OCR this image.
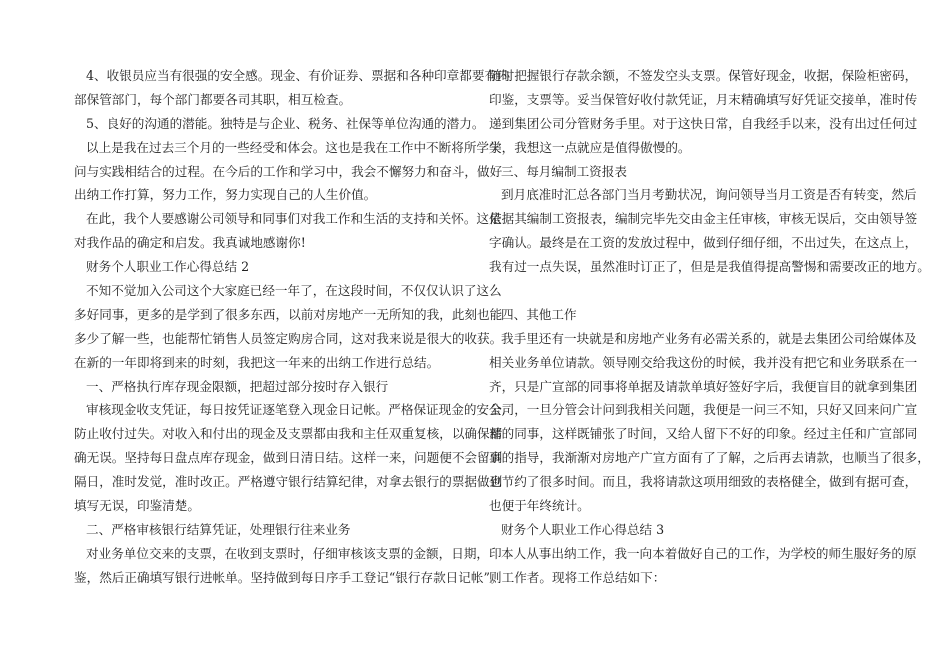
4、收银员应当有很强的安全感。现金、有价证券、票据和各种印章都要有内
部保管部门，每个部门都要各司其职，相互检查。
5、良好的沟通的潜能。独特是与企业、税务、社保等单位沟通的潜力。
以上是我在过去三个月的一些经受和体会。这也是我在工作中不断将所学学
问与实践相结合的过程。在今后的工作和学习中，我会不懈努力和奋斗，做好
出纳工作打算，努力工作，努力实现自己的人生价值。
在此，我个人要感谢公司领导和同事们对我工作和生活的支持和关怀。这是
对我作品的确定和启发。我真诚地感谢你!
财务个人职业工作心得总结 2
不知不觉加入公司这个大家庭已经一年了，在这段时间，不仅仅认识了这么
多好同事，更多的是学到了很多东西，以前对房地产一无所知的我，此刻也能
多少了解一些，也能帮忙销售人员签定购房合同，这对我来说是很大的收获。
在新的一年即将到来的时刻，我把这一年来的出纳工作进行总结。
一、严格执行库存现金限额，把超过部分按时存入银行
审核现金收支凭证，每日按凭证逐笔登入现金日记帐。严格保证现金的安全,
防止收付过失。对收入和付出的现金及支票都由我和主任双重复核，以确保精
确无误。坚持每日盘点库存现金，做到日清日结。这样一来，问题便不会留到
隔日，准时发觉，准时改正。严格遵守银行结算纪律，对拿去银行的票据做到
填写无误，印鉴清楚。
二、严格审核银行结算凭证，处理银行往来业务
对业务单位交来的支票，在收到支票时，仔细审核该支票的金额，日期，印
鉴，然后正确填写银行进帐单。坚持做到每日序手工登记“银行存款日记帐”。
随时把握银行存款余额，不签发空头支票。保管好现金，收据，保险柜密码，
印鉴，支票等。妥当保管好收付款凭证，月末精确填写好凭证交接单，准时传
递到集团公司分管财务手里。对于这快日常，自我经手以来，没有出过任何过
失，我想这一点就应是值得傲慢的。
三、每月编制工资报表
到月底准时汇总各部门当月考勤状况，询问领导当月工资是否有转变，然后
依据其编制工资报表，编制完毕先交由金主任审核，审核无误后，交由领导签
字确认。最终是在工资的发放过程中，做到仔细仔细，不出过失，在这点上，
我有过一点失误，虽然准时订正了，但是是我值得提高警惕和需要改正的地方。
四、其他工作
我手里还有一块就是和房地产业务有必需关系的，就是去集团公司给媒体及
相关业务单位请款。领导刚交给我这份的时候，我并没有把它和业务联系在一
齐，只是广宣部的同事将单据及请款单填好签好字后，我便盲目的就拿到集团
公司，一旦分管会计问到我相关问题，我便是一问三不知，只好又回来问广宣
部的同事，这样既铺张了时间，又给人留下不好的印象。经过主任和广宣部同
事的指导，我渐渐对房地产广宣方面有了了解，之后再去请款，也顺当了很多，
也节约了很多时间。而且，我将请款这项用细致的表格健全，做到有据可查，
也便于年终统计。
财务个人职业工作心得总结 3
本人从事出纳工作，我一向本着做好自己的工作，为学校的师生服好务的原
则工作者。现将工作总结如下：
